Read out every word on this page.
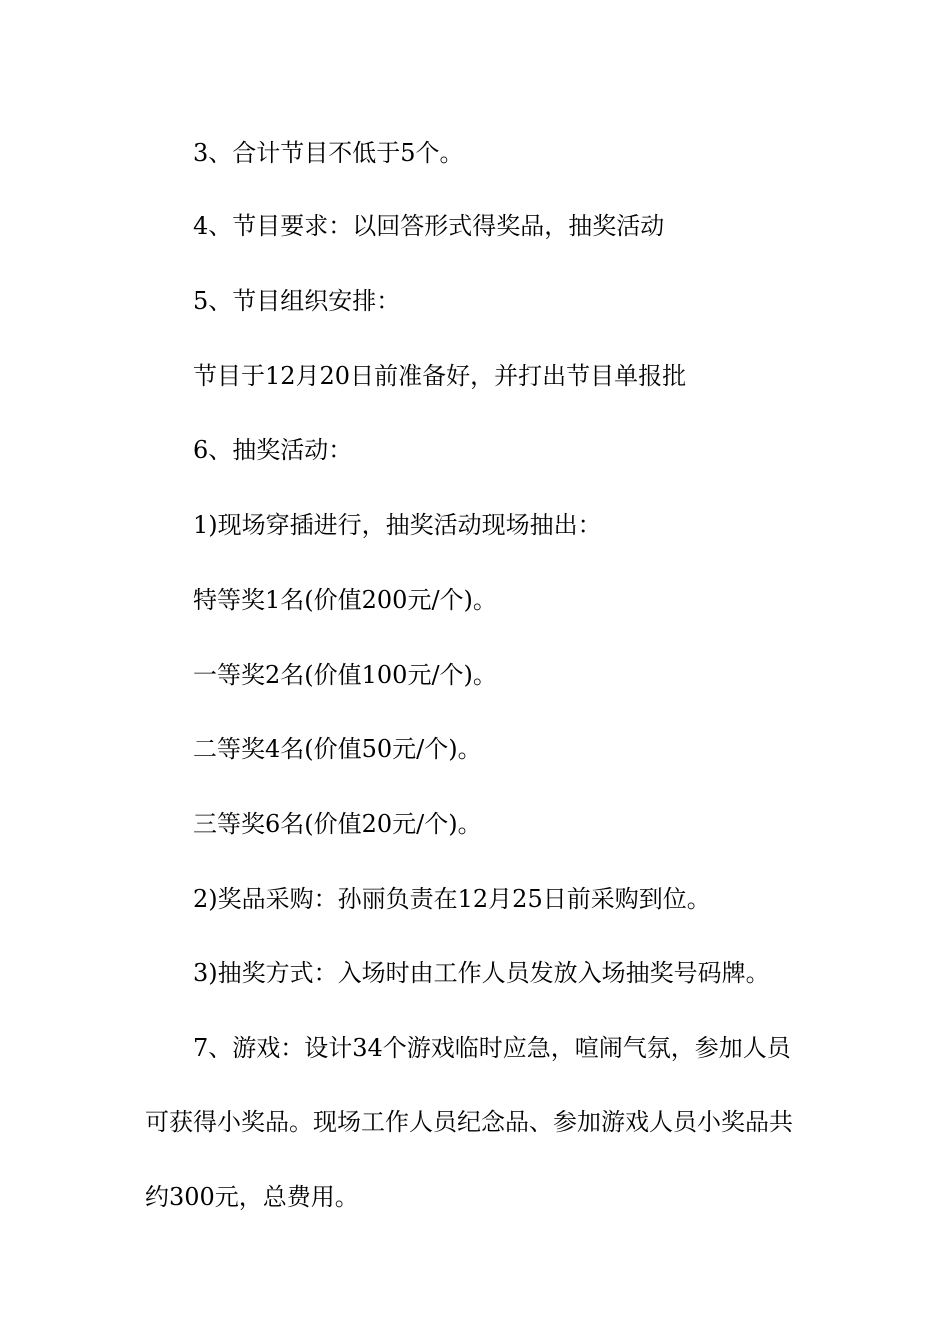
3、合计节目不低于5个。
4、节目要求：以回答形式得奖品，抽奖活动
5、节目组织安排：
节目于12月20日前准备好，并打出节目单报批
6、抽奖活动：
1)现场穿插进行，抽奖活动现场抽出：
特等奖1名(价值200元/个)。
一等奖2名(价值100元/个)。
二等奖4名(价值50元/个)。
三等奖6名(价值20元/个)。
2)奖品采购：孙丽负责在12月25日前采购到位。
3)抽奖方式：入场时由工作人员发放入场抽奖号码牌。
7、游戏：设计34个游戏临时应急，喧闹气氛，参加人员
可获得小奖品。现场工作人员纪念品、参加游戏人员小奖品共
约300元，总费用。
